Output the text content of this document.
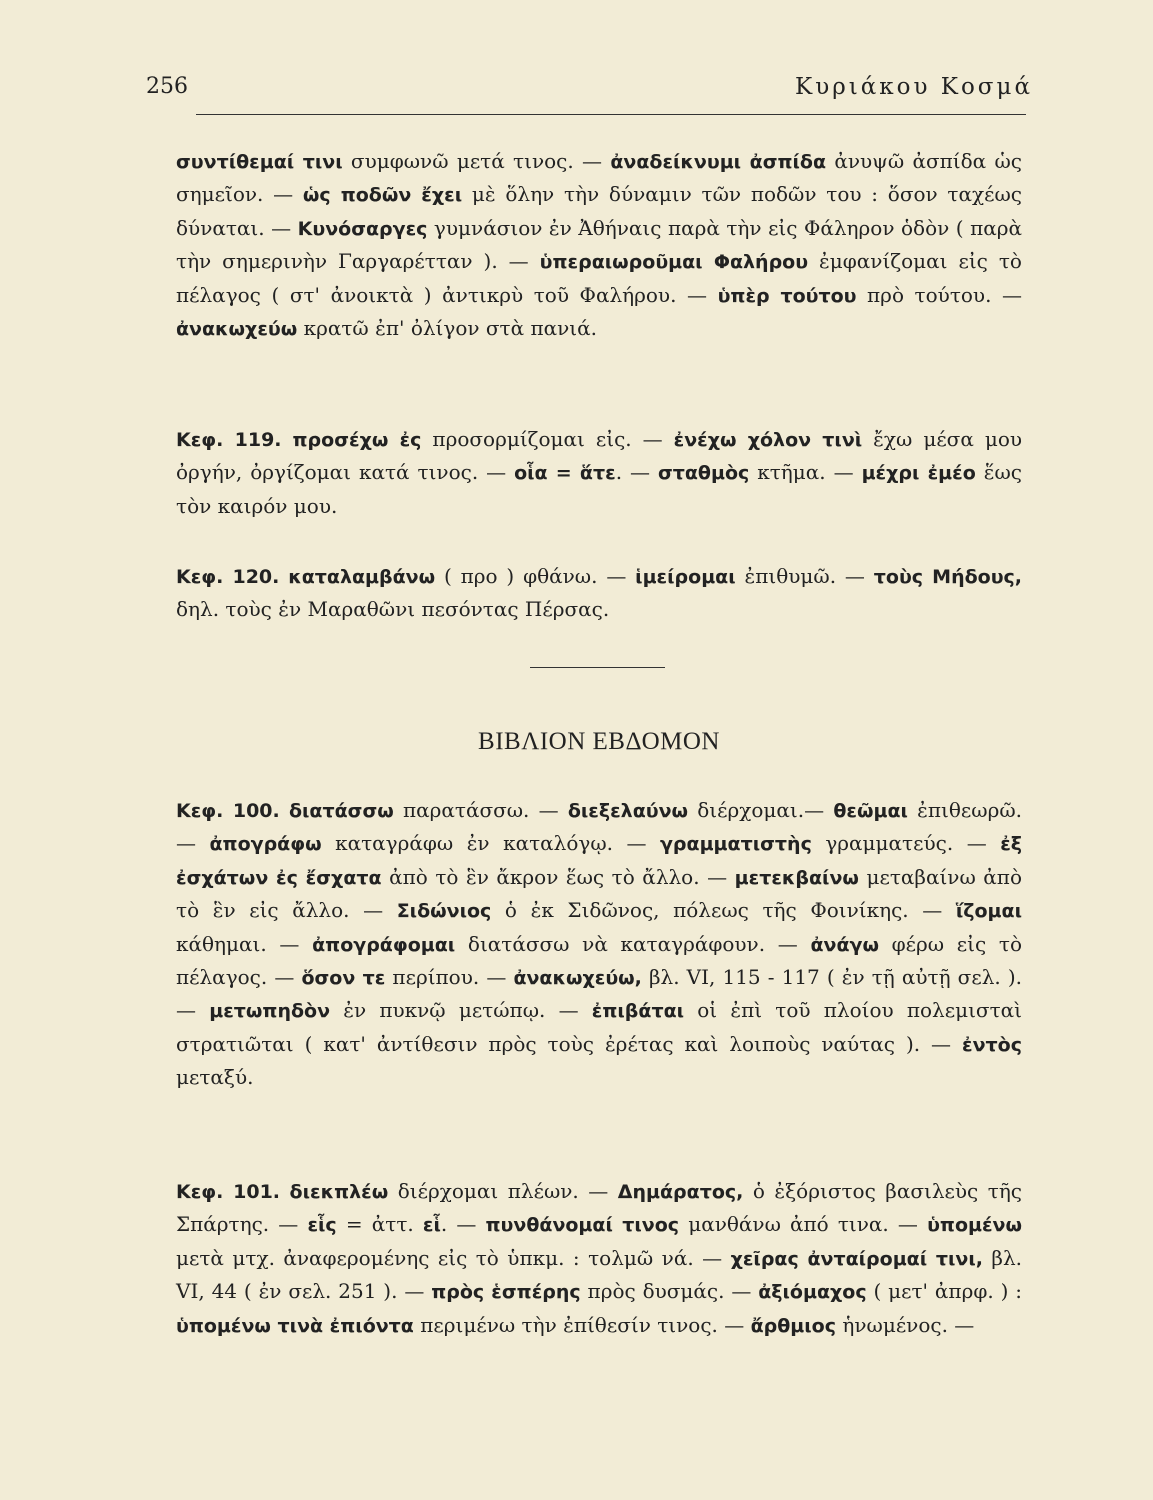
256	Κυριάκου Κοσμά
συντίθεμαί τινι συμφωνῶ μετά τινος. — ἀναδείκνυμι ἀσπίδα ἀνυψῶ ἀσπίδα ὡς σημεῖον. — ὡς ποδῶν ἔχει μὲ ὅλην τὴν δύναμιν τῶν ποδῶν του : ὅσον ταχέως δύναται. — Κυνόσαργες γυμνάσιον ἐν Ἀθήναις παρὰ τὴν εἰς Φάληρον ὁδὸν ( παρὰ τὴν σημερινὴν Γαργαρέτταν ). — ὑπεραιωροῦμαι Φαλήρου ἐμφανίζομαι εἰς τὸ πέλαγος ( στ' ἀνοικτὰ ) ἀντικρὺ τοῦ Φαλήρου. — ὑπὲρ τούτου πρὸ τούτου. — ἀνακωχεύω κρατῶ ἐπ' ὀλίγον στὰ πανιά.
Κεφ. 119. προσέχω ἐς προσορμίζομαι εἰς. — ἐνέχω χόλον τινὶ ἔχω μέσα μου ὀργήν, ὀργίζομαι κατά τινος. — οἷα = ἅτε. — σταθμὸς κτῆμα. — μέχρι ἐμέο ἕως τὸν καιρόν μου.
Κεφ. 120. καταλαμβάνω ( προ ) φθάνω. — ἱμείρομαι ἐπιθυμῶ. — τοὺς Μήδους, δηλ. τοὺς ἐν Μαραθῶνι πεσόντας Πέρσας.
ΒΙΒΛΙΟΝ ΕΒΔΟΜΟΝ
Κεφ. 100. διατάσσω παρατάσσω. — διεξελαύνω διέρχομαι.— θεῶμαι ἐπιθεωρῶ. — ἀπογράφω καταγράφω ἐν καταλόγῳ. — γραμματιστὴς γραμματεύς. — ἐξ ἐσχάτων ἐς ἔσχατα ἀπὸ τὸ ἓν ἄκρον ἕως τὸ ἄλλο. — μετεκβαίνω μεταβαίνω ἀπὸ τὸ ἓν εἰς ἄλλο. — Σιδώνιος ὁ ἐκ Σιδῶνος, πόλεως τῆς Φοινίκης. — ἵζομαι κάθημαι. — ἀπογράφομαι διατάσσω νὰ καταγράφουν. — ἀνάγω φέρω εἰς τὸ πέλαγος. — ὅσον τε περίπου. — ἀνακωχεύω, βλ. VI, 115 - 117 ( ἐν τῇ αὐτῇ σελ. ). — μετωπηδὸν ἐν πυκνῷ μετώπῳ. — ἐπιβάται οἱ ἐπὶ τοῦ πλοίου πολεμισταὶ στρατιῶται ( κατ' ἀντίθεσιν πρὸς τοὺς ἐρέτας καὶ λοιποὺς ναύτας ). — ἐντὸς μεταξύ.
Κεφ. 101. διεκπλέω διέρχομαι πλέων. — Δημάρατος, ὁ ἐξόριστος βασιλεὺς τῆς Σπάρτης. — εἷς = ἀττ. εἷ. — πυνθάνομαί τινος μανθάνω ἀπό τινα. — ὑπομένω μετὰ μτχ. ἀναφερομένης εἰς τὸ ὑπκμ. : τολμῶ νά. — χεῖρας ἀνταίρομαί τινι, βλ. VI, 44 ( ἐν σελ. 251 ). — πρὸς ἑσπέρης πρὸς δυσμάς. — ἀξιόμαχος ( μετ' ἀπρφ. ) : ὑπομένω τινὰ ἐπιόντα περιμένω τὴν ἐπίθεσίν τινος. — ἄρθμιος ἡνωμένος. —
